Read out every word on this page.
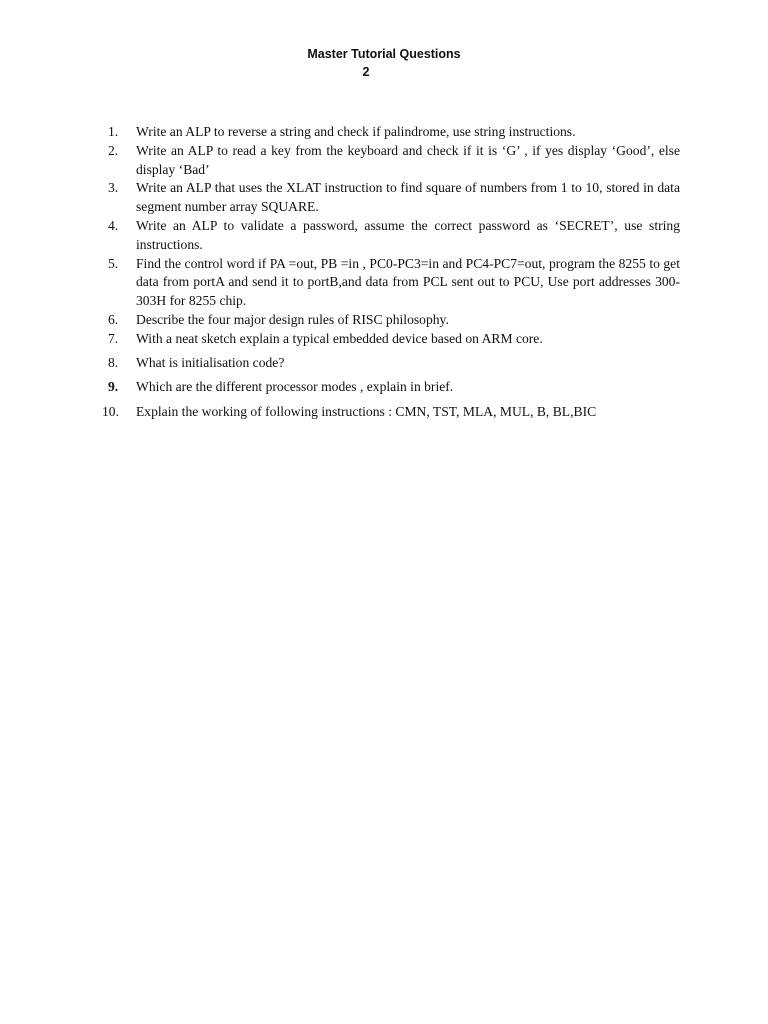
Master Tutorial Questions
2
1.	Write an ALP to reverse a string and check if palindrome, use string instructions.
2.	Write an ALP to read a key from the keyboard and check if it is ‘G’ , if yes display ‘Good’, else display ‘Bad’
3.	Write an ALP that uses the XLAT instruction to find square of numbers from 1 to 10, stored in data segment number array SQUARE.
4.	Write an ALP to validate a password, assume the correct password as ‘SECRET’, use string instructions.
5.	Find the control word if PA =out, PB =in , PC0-PC3=in and PC4-PC7=out, program the 8255 to get data from portA and send it to portB,and data from PCL sent out to PCU, Use port addresses 300-303H for 8255 chip.
6.	Describe the four major design rules of RISC philosophy.
7.	With a neat sketch explain a typical embedded device based on ARM core.
8.	What is initialisation code?
9.	Which are the different processor modes , explain in brief.
10.	Explain the working of following instructions : CMN, TST, MLA, MUL, B, BL,BIC
